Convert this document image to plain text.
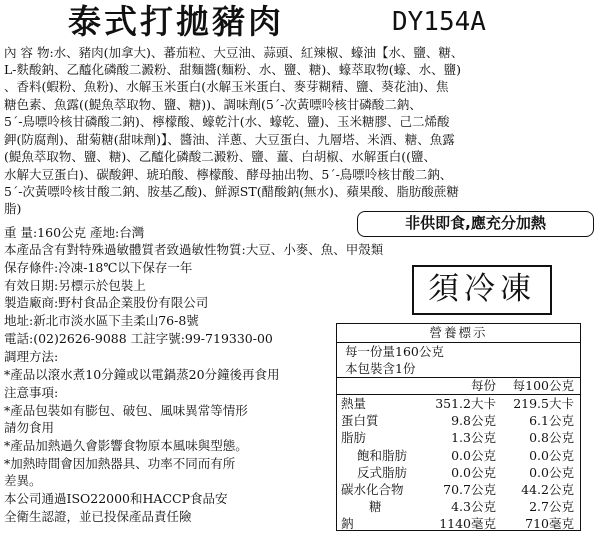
泰式打拋豬肉	DY154A
內 容 物:水、豬肉(加拿大)、蕃茄粒、大豆油、蒜頭、紅辣椒、蠔油【水、鹽、糖、
L-麩酸鈉、乙醯化磷酸二澱粉、甜麵醬(麵粉、水、鹽、糖)、蠔萃取物(蠔、水、鹽)
、香料(蝦粉、魚粉)、水解玉米蛋白(水解玉米蛋白、麥芽糊精、鹽、葵花油)、焦
糖色素、魚露((鯷魚萃取物、鹽、糖))、調味劑(5´-次黃嘌呤核甘磷酸二鈉、
5´-鳥嘌呤核甘磷酸二鈉)、檸檬酸、蠔乾汁(水、蠔乾、鹽)、玉米糖膠、己二烯酸
鉀(防腐劑)、甜菊糖(甜味劑)】、醬油、洋蔥、大豆蛋白、九層塔、米酒、糖、魚露
(鯷魚萃取物、鹽、糖)、乙醯化磷酸二澱粉、鹽、薑、白胡椒、水解蛋白((鹽、
水解大豆蛋白)、碳酸鉀、琥珀酸、檸檬酸、酵母抽出物、5´-鳥嘌呤核甘酸二鈉、
5´-次黃嘌呤核甘酸二鈉、胺基乙酸)、鮮源ST(醋酸鈉(無水)、蘋果酸、脂肪酸蔗糖
脂)
非供即食,應充分加熱
重 量:160公克 產地:台灣
本產品含有對特殊過敏體質者致過敏性物質:大豆、小麥、魚、甲殼類
保存條件:冷凍-18℃以下保存一年
有效日期:另標示於包裝上
製造廠商:野村食品企業股份有限公司
地址:新北市淡水區下圭柔山76-8號
電話:(02)2626-9088 工註字號:99-719330-00
調理方法:
*產品以滾水煮10分鐘或以電鍋蒸20分鐘後再食用
注意事項:
*產品包裝如有膨包、破包、風味異常等情形
請勿食用
*產品加熱過久會影響食物原本風味與型態。
*加熱時間會因加熱器具、功率不同而有所
差異。
本公司通過ISO22000和HACCP食品安
全衛生認證，並已投保產品責任險
須冷凍
營養標示
每一份量160公克
本包裝含1份
每份 每100公克
熱量	351.2大卡 219.5大卡
蛋白質	9.8公克	6.1公克
脂肪	1.3公克	0.8公克
飽和脂肪	0.0公克	0.0公克
反式脂肪	0.0公克	0.0公克
碳水化合物	70.7公克 44.2公克
糖	4.3公克	2.7公克
鈉	1140毫克 710毫克
